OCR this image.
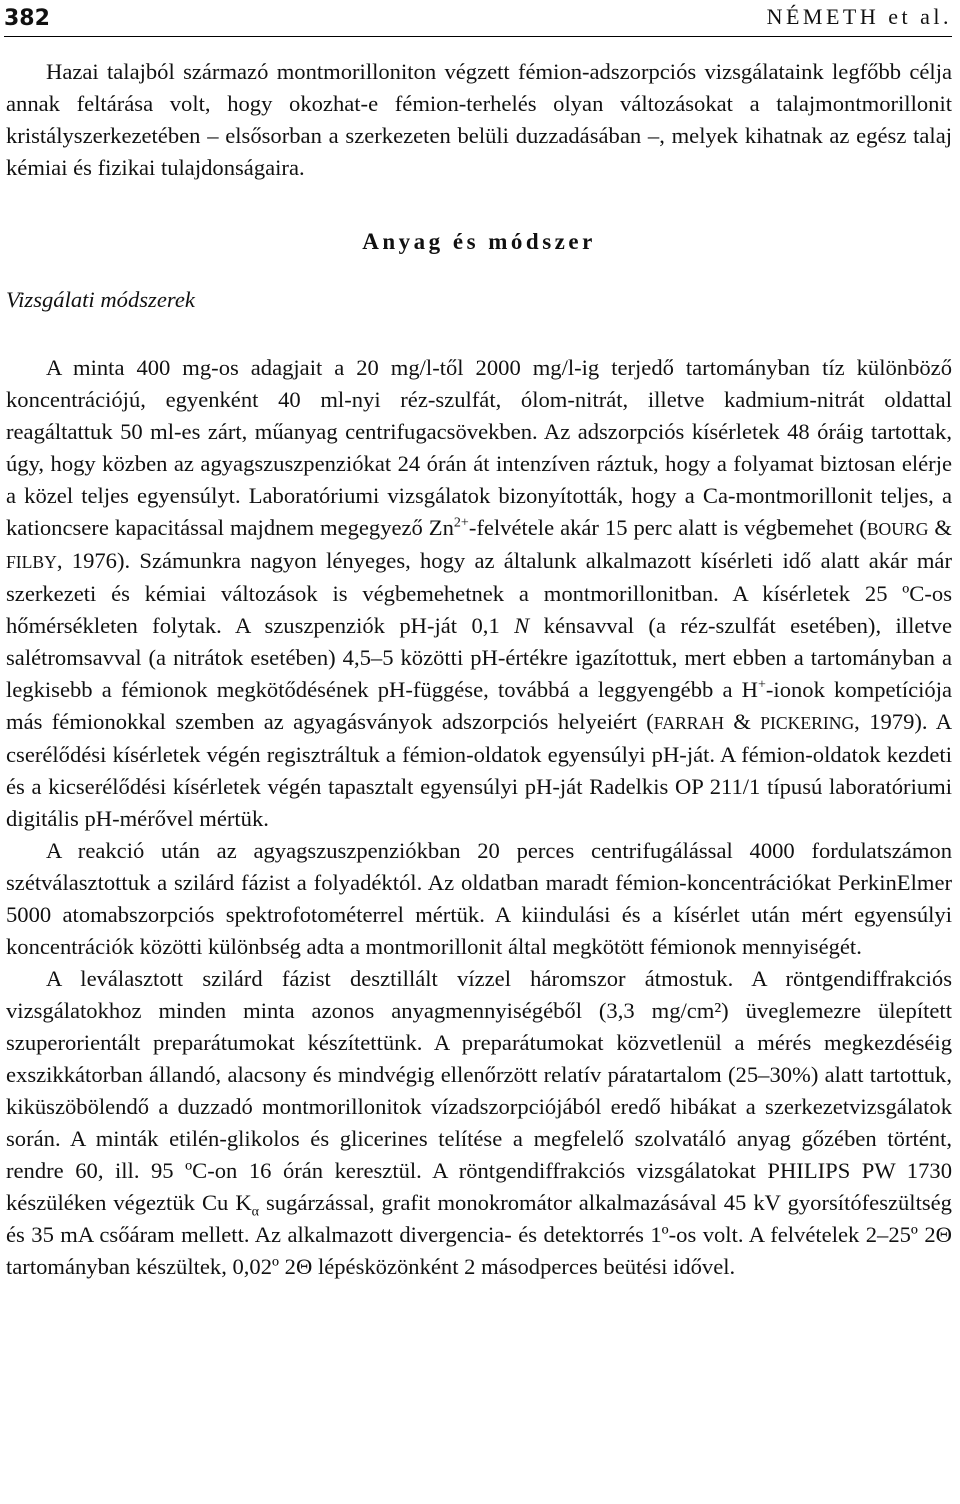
382	NÉMETH et al.

Hazai talajból származó montmorilloniton végzett fémion-adszorpciós vizsgálataink legfőbb célja annak feltárása volt, hogy okozhat-e fémion-terhelés olyan változásokat a talajmontmorillonit kristályszerkezetében – elsősorban a szerkezeten belüli duzzadásában –, melyek kihatnak az egész talaj kémiai és fizikai tulajdonságaira.

Anyag és módszer

Vizsgálati módszerek

A minta 400 mg-os adagjait a 20 mg/l-től 2000 mg/l-ig terjedő tartományban tíz különböző koncentrációjú, egyenként 40 ml-nyi réz-szulfát, ólom-nitrát, illetve kadmium-nitrát oldattal reagáltattuk 50 ml-es zárt, műanyag centrifugacsövekben. Az adszorpciós kísérletek 48 óráig tartottak, úgy, hogy közben az agyagszuszpenziókat 24 órán át intenzíven ráztuk, hogy a folyamat biztosan elérje a közel teljes egyensúlyt. Laboratóriumi vizsgálatok bizonyították, hogy a Ca-montmorillonit teljes, a kationcsere kapacitással majdnem megegyező $Zn^{2+}$-felvétele akár 15 perc alatt is végbemehet (BOURG & FILBY, 1976). Számunkra nagyon lényeges, hogy az általunk alkalmazott kísérleti idő alatt akár már szerkezeti és kémiai változások is végbemehetnek a montmorillonitban. A kísérletek 25 ºC-os hőmérsékleten folytak. A szuszpenziók pH-ját 0,1 N kénsavval (a réz-szulfát esetében), illetve salétromsavval (a nitrátok esetében) 4,5–5 közötti pH-értékre igazítottuk, mert ebben a tartományban a legkisebb a fémionok megkötődésének pH-függése, továbbá a leggyengébb a H+-ionok kompetíciója más fémionokkal szemben az agyagásványok adszorpciós helyeiért (FARRAH & PICKERING, 1979). A cserélődési kísérletek végén regisztráltuk a fémion-oldatok egyensúlyi pH-ját. A fémion-oldatok kezdeti és a kicserélődési kísérletek végén tapasztalt egyensúlyi pH-ját Radelkis OP 211/1 típusú laboratóriumi digitális pH-mérővel mértük.

A reakció után az agyagszuszpenziókban 20 perces centrifugálással 4000 fordulatszámon szétválasztottuk a szilárd fázist a folyadéktól. Az oldatban maradt fémion-koncentrációkat PerkinElmer 5000 atomabszorpciós spektrofotométerrel mértük. A kiindulási és a kísérlet után mért egyensúlyi koncentrációk közötti különbség adta a montmorillonit által megkötött fémionok mennyiségét.

A leválasztott szilárd fázist desztillált vízzel háromszor átmostuk. A röntgendiffrakciós vizsgálatokhoz minden minta azonos anyagmennyiségéből (3,3 mg/cm²) üveglemezre ülepített szuperorientált preparátumokat készítettünk. A preparátumokat közvetlenül a mérés megkezdéséig exszikkátorban állandó, alacsony és mindvégig ellenőrzött relatív páratartalom (25–30%) alatt tartottuk, kiküszöbölendő a duzzadó montmorillonitok vízadszorpciójából eredő hibákat a szerkezetvizsgálatok során. A minták etilén-glikolos és glicerines telítése a megfelelő szolvatáló anyag gőzében történt, rendre 60, ill. 95 ºC-on 16 órán keresztül. A röntgendiffrakciós vizsgálatokat PHILIPS PW 1730 készüléken végeztük Cu $K_\alpha$ sugárzással, grafit monokromátor alkalmazásával 45 kV gyorsítófeszültség és 35 mA csőáram mellett. Az alkalmazott divergencia- és detektorrés 1º-os volt. A felvételek 2–25º 2Θ tartományban készültek, 0,02º 2Θ lépésközönként 2 másodperces beütési idővel.
